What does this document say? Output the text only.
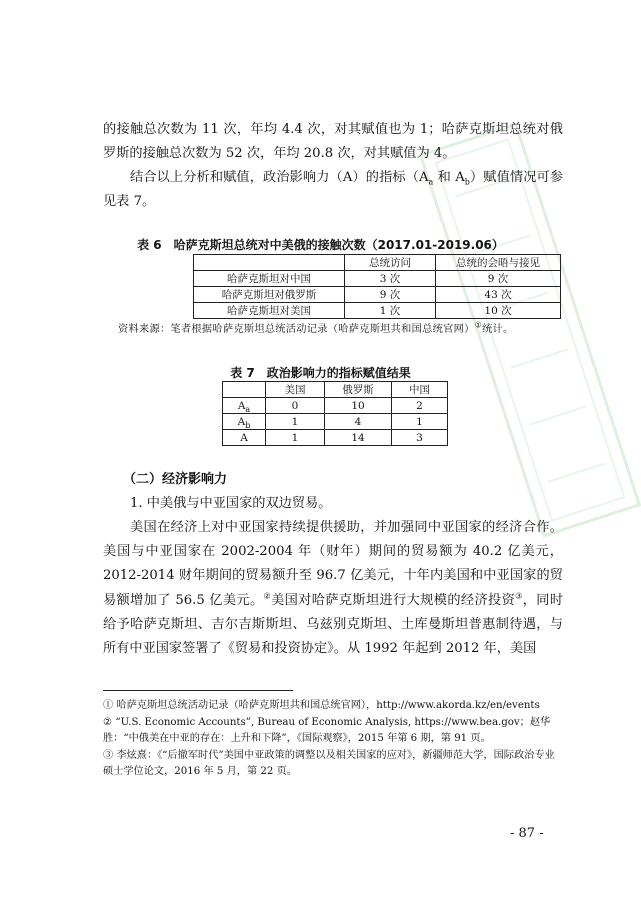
的接触总次数为 11 次，年均 4.4 次，对其赋值也为 1；哈萨克斯坦总统对俄罗斯的接触总次数为 52 次，年均 20.8 次，对其赋值为 4。
结合以上分析和赋值，政治影响力（A）的指标（$A_a$ 和 $A_b$）赋值情况可参见表 7。
表 6　哈萨克斯坦总统对中美俄的接触次数（2017.01-2019.06）
	总统访问	总统的会晤与接见
哈萨克斯坦对中国	3 次	9 次
哈萨克斯坦对俄罗斯	9 次	43 次
哈萨克斯坦对美国	1 次	10 次
资料来源：笔者根据哈萨克斯坦总统活动记录（哈萨克斯坦共和国总统官网）①统计。
表 7　政治影响力的指标赋值结果
	美国	俄罗斯	中国
$A_a$	0	10	2
$A_b$	1	4	1
A	1	14	3
（二）经济影响力
1. 中美俄与中亚国家的双边贸易。
美国在经济上对中亚国家持续提供援助，并加强同中亚国家的经济合作。美国与中亚国家在 2002-2004 年（财年）期间的贸易额为 40.2 亿美元，2012-2014 财年期间的贸易额升至 96.7 亿美元，十年内美国和中亚国家的贸易额增加了 56.5 亿美元。②美国对哈萨克斯坦进行大规模的经济投资③，同时给予哈萨克斯坦、吉尔吉斯斯坦、乌兹别克斯坦、土库曼斯坦普惠制待遇，与所有中亚国家签署了《贸易和投资协定》。从 1992 年起到 2012 年，美国

① 哈萨克斯坦总统活动记录（哈萨克斯坦共和国总统官网），http://www.akorda.kz/en/events

② “U.S. Economic Accounts”, Bureau of Economic Analysis, https://www.bea.gov；赵华胜：“中俄美在中亚的存在：上升和下降”，《国际观察》，2015 年第 6 期，第 91 页。

③ 李炫熹：《“后撤军时代”美国中亚政策的调整以及相关国家的应对》，新疆师范大学，国际政治专业硕士学位论文，2016 年 5 月，第 22 页。

- 87 -
